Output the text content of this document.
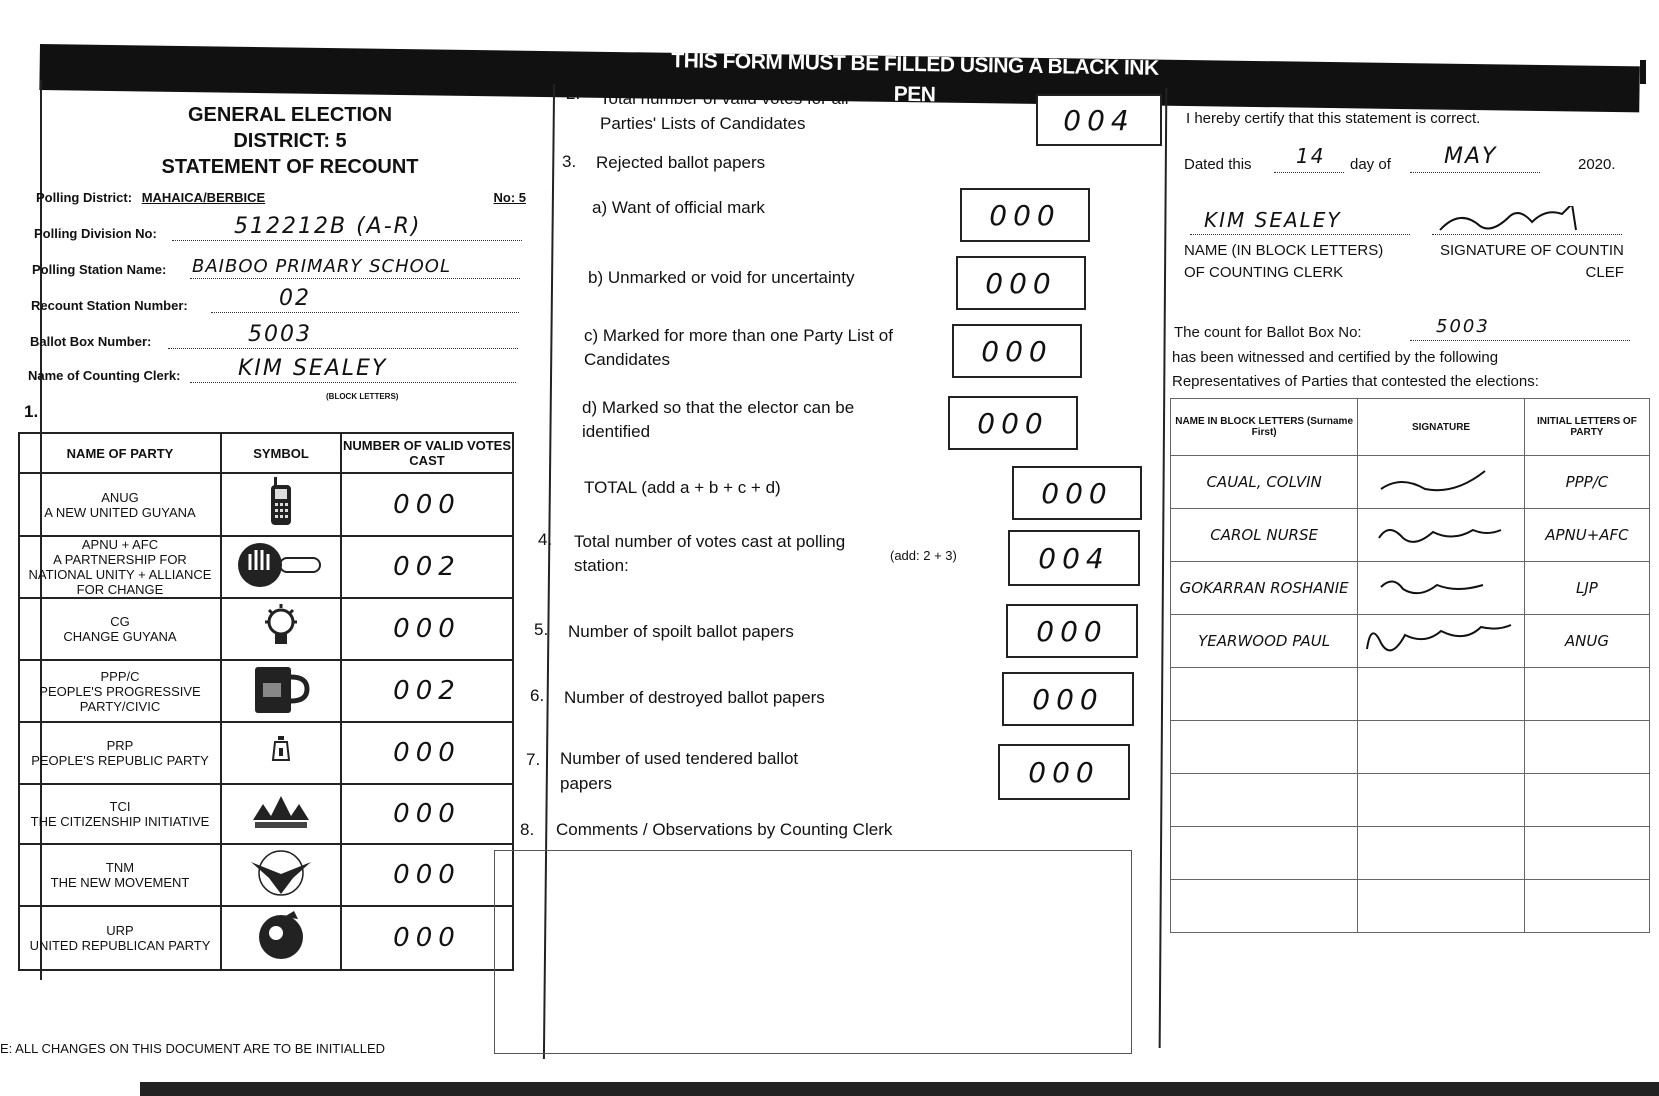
THIS FORM MUST BE FILLED USING A BLACK INK PEN
GENERAL ELECTION
DISTRICT: 5
STATEMENT OF RECOUNT
Polling District: MAHAICA/BERBICE	No: 5
Polling Division No:	512212B (A-R)
Polling Station Name: BAIBOO PRIMARY SCHOOL
Recount Station Number:	02
Ballot Box Number:	5003
Name of Counting Clerk:	KIM SEALEY
(BLOCK LETTERS)
1.
NAME OF PARTY	SYMBOL	NUMBER OF VALID VOTES CAST

ANUG
A NEW UNITED GUYANA		000

APNU + AFC
A PARTNERSHIP FOR NATIONAL UNITY + ALLIANCE FOR CHANGE		002

CG
CHANGE GUYANA		000

PPP/C
PEOPLE'S PROGRESSIVE PARTY/CIVIC		002

PRP
PEOPLE'S REPUBLIC PARTY		000

TCI
THE CITIZENSHIP INITIATIVE		000

TNM
THE NEW MOVEMENT		000

URP
UNITED REPUBLICAN PARTY		000
E: ALL CHANGES ON THIS DOCUMENT ARE TO BE INITIALLED
2. Total number of valid votes for all
Parties' Lists of Candidates	004
3. Rejected ballot papers
a) Want of official mark	000
b) Unmarked or void for uncertainty	000
c) Marked for more than one Party List of
Candidates	000
d) Marked so that the elector can be
identified	000
TOTAL (add a + b + c + d)	000
4. Total number of votes cast at polling
station:
(add: 2 + 3)	004
5. Number of spoilt ballot papers	000
6. Number of destroyed ballot papers	000
7. Number of used tendered ballot
papers	000
8. Comments / Observations by Counting Clerk
I hereby certify that this statement is correct.
Dated this 14 day of MAY	2020.
KIM SEALEY
NAME (IN BLOCK LETTERS)
OF COUNTING CLERK
SIGNATURE OF COUNTIN
CLEF
The count for Ballot Box No:	5003
has been witnessed and certified by the following
Representatives of Parties that contested the elections:
NAME IN BLOCK LETTERS (Surname First)	SIGNATURE	INITIAL LETTERS OF PARTY
CAUAL, COLVIN		PPP/C
CAROL NURSE		APNU+AFC
GOKARRAN ROSHANIE		LJP
YEARWOOD PAUL		ANUG
